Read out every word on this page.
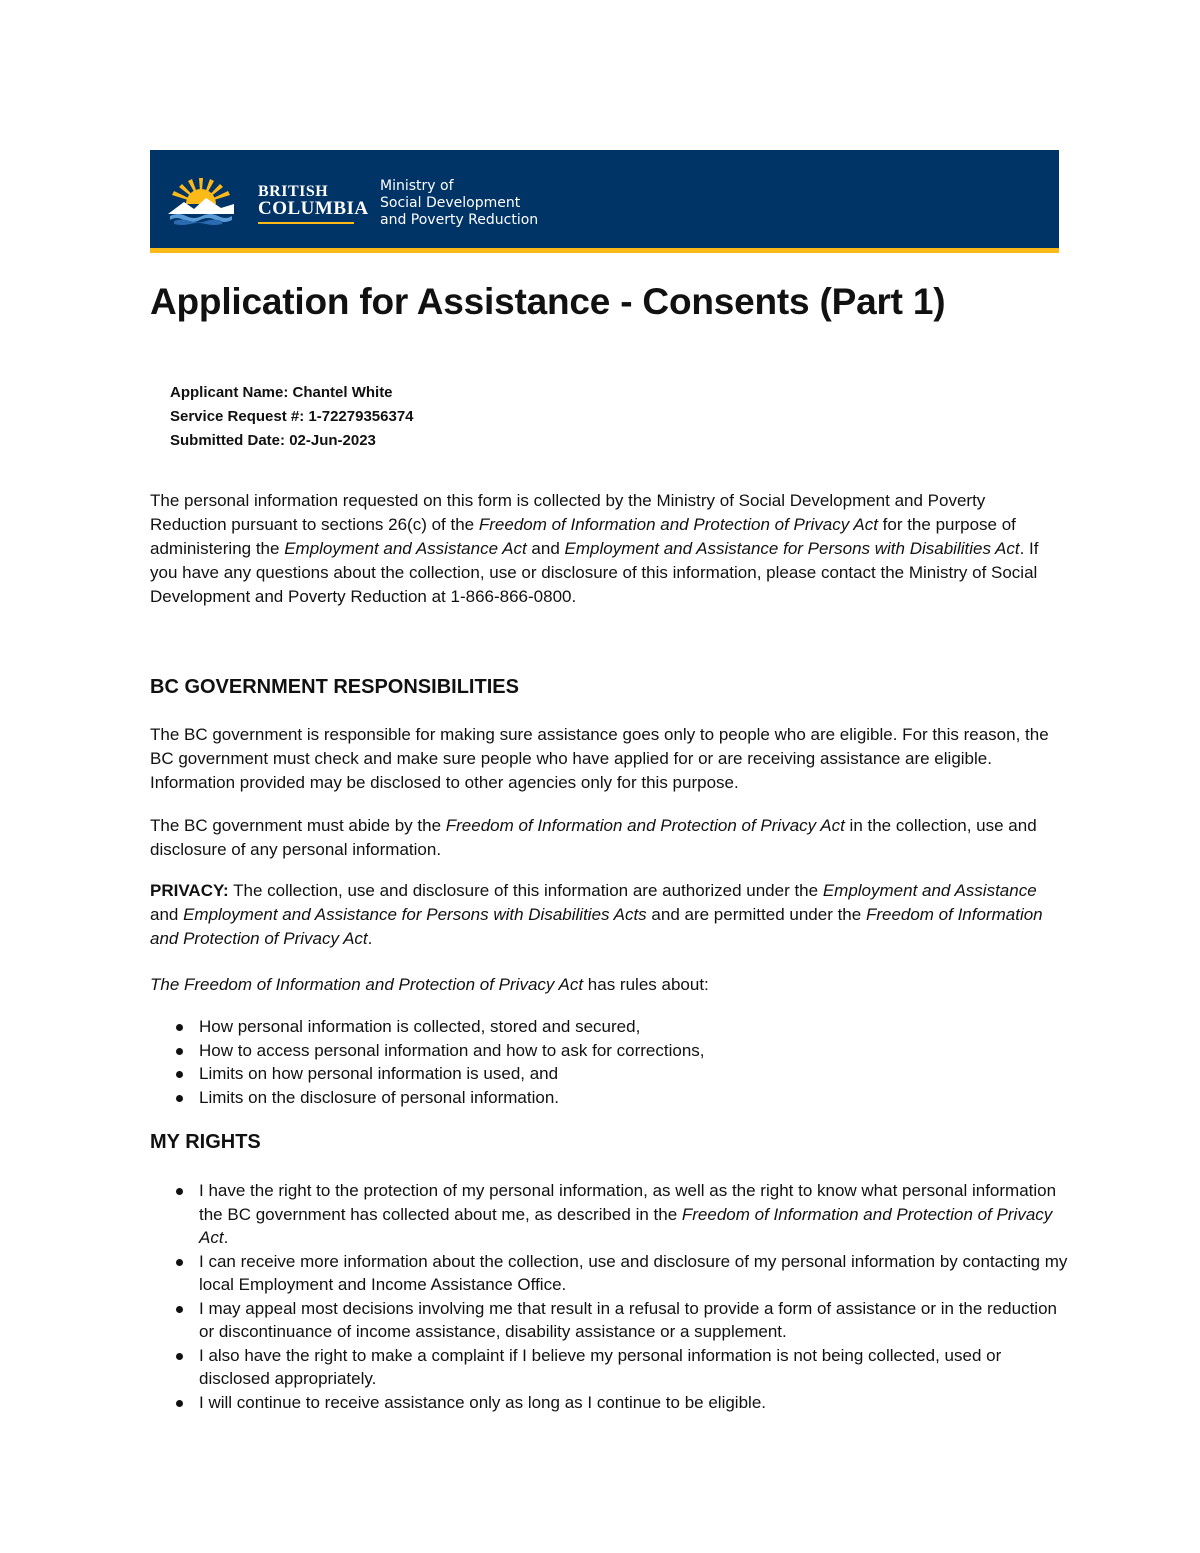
BRITISH
COLUMBIA
Ministry of
Social Development
and Poverty Reduction
Application for Assistance - Consents (Part 1)
Applicant Name: Chantel White
Service Request #: 1-72279356374
Submitted Date: 02-Jun-2023

The personal information requested on this form is collected by the Ministry of Social Development and Poverty Reduction pursuant to sections 26(c) of the Freedom of Information and Protection of Privacy Act for the purpose of administering the Employment and Assistance Act and Employment and Assistance for Persons with Disabilities Act. If you have any questions about the collection, use or disclosure of this information, please contact the Ministry of Social Development and Poverty Reduction at 1-866-866-0800.

BC GOVERNMENT RESPONSIBILITIES

The BC government is responsible for making sure assistance goes only to people who are eligible. For this reason, the BC government must check and make sure people who have applied for or are receiving assistance are eligible. Information provided may be disclosed to other agencies only for this purpose.

The BC government must abide by the Freedom of Information and Protection of Privacy Act in the collection, use and disclosure of any personal information.

PRIVACY: The collection, use and disclosure of this information are authorized under the Employment and Assistance and Employment and Assistance for Persons with Disabilities Acts and are permitted under the Freedom of Information and Protection of Privacy Act.

The Freedom of Information and Protection of Privacy Act has rules about:

How personal information is collected, stored and secured,
How to access personal information and how to ask for corrections,
Limits on how personal information is used, and
Limits on the disclosure of personal information.
MY RIGHTS
I have the right to the protection of my personal information, as well as the right to know what personal information the BC government has collected about me, as described in the Freedom of Information and Protection of Privacy Act.
I can receive more information about the collection, use and disclosure of my personal information by contacting my local Employment and Income Assistance Office.
I may appeal most decisions involving me that result in a refusal to provide a form of assistance or in the reduction or discontinuance of income assistance, disability assistance or a supplement.
I also have the right to make a complaint if I believe my personal information is not being collected, used or disclosed appropriately.
I will continue to receive assistance only as long as I continue to be eligible.
